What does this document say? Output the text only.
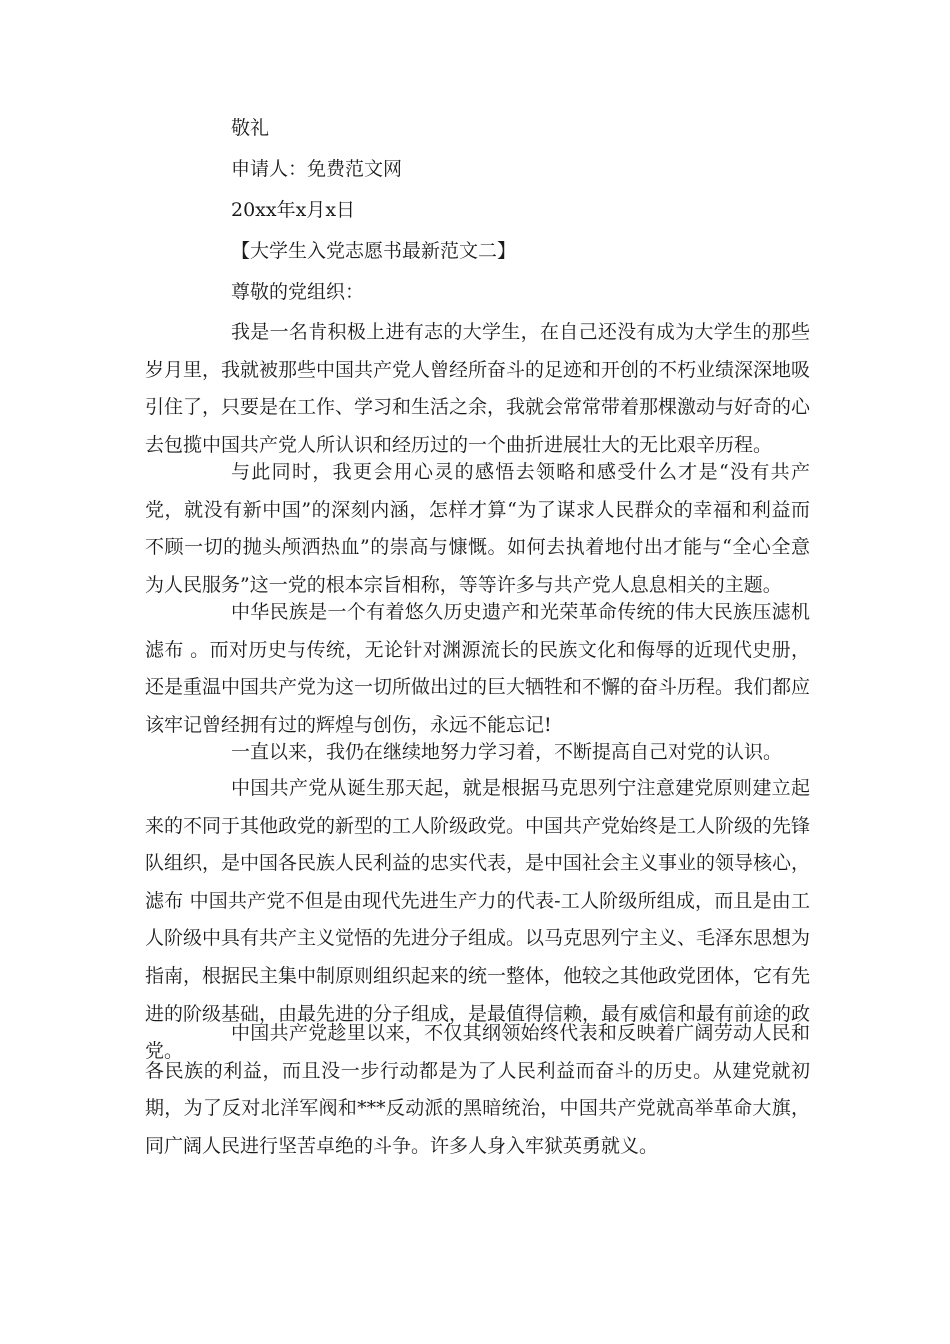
敬礼
申请人：免费范文网
20xx年x月x日
【大学生入党志愿书最新范文二】
尊敬的党组织：

我是一名肯积极上进有志的大学生，在自己还没有成为大学生的那些岁月里，我就被那些中国共产党人曾经所奋斗的足迹和开创的不朽业绩深深地吸引住了，只要是在工作、学习和生活之余，我就会常常带着那棵激动与好奇的心去包揽中国共产党人所认识和经历过的一个曲折进展壮大的无比艰辛历程。

与此同时，我更会用心灵的感悟去领略和感受什么才是“没有共产党，就没有新中国”的深刻内涵，怎样才算“为了谋求人民群众的幸福和利益而不顾一切的抛头颅洒热血”的崇高与慷慨。如何去执着地付出才能与“全心全意为人民服务”这一党的根本宗旨相称，等等许多与共产党人息息相关的主题。

中华民族是一个有着悠久历史遗产和光荣革命传统的伟大民族压滤机滤布 。而对历史与传统，无论针对渊源流长的民族文化和侮辱的近现代史册，还是重温中国共产党为这一切所做出过的巨大牺牲和不懈的奋斗历程。我们都应该牢记曾经拥有过的辉煌与创伤，永远不能忘记!

一直以来，我仍在继续地努力学习着，不断提高自己对党的认识。

中国共产党从诞生那天起，就是根据马克思列宁注意建党原则建立起来的不同于其他政党的新型的工人阶级政党。中国共产党始终是工人阶级的先锋队组织，是中国各民族人民利益的忠实代表，是中国社会主义事业的领导核心，滤布 中国共产党不但是由现代先进生产力的代表-工人阶级所组成，而且是由工人阶级中具有共产主义觉悟的先进分子组成。以马克思列宁主义、毛泽东思想为指南，根据民主集中制原则组织起来的统一整体，他较之其他政党团体，它有先进的阶级基础，由最先进的分子组成，是最值得信赖，最有威信和最有前途的政党。

中国共产党趁里以来，不仅其纲领始终代表和反映着广阔劳动人民和各民族的利益，而且没一步行动都是为了人民利益而奋斗的历史。从建党就初期，为了反对北洋军阀和***反动派的黑暗统治，中国共产党就高举革命大旗，同广阔人民进行坚苦卓绝的斗争。许多人身入牢狱英勇就义。
